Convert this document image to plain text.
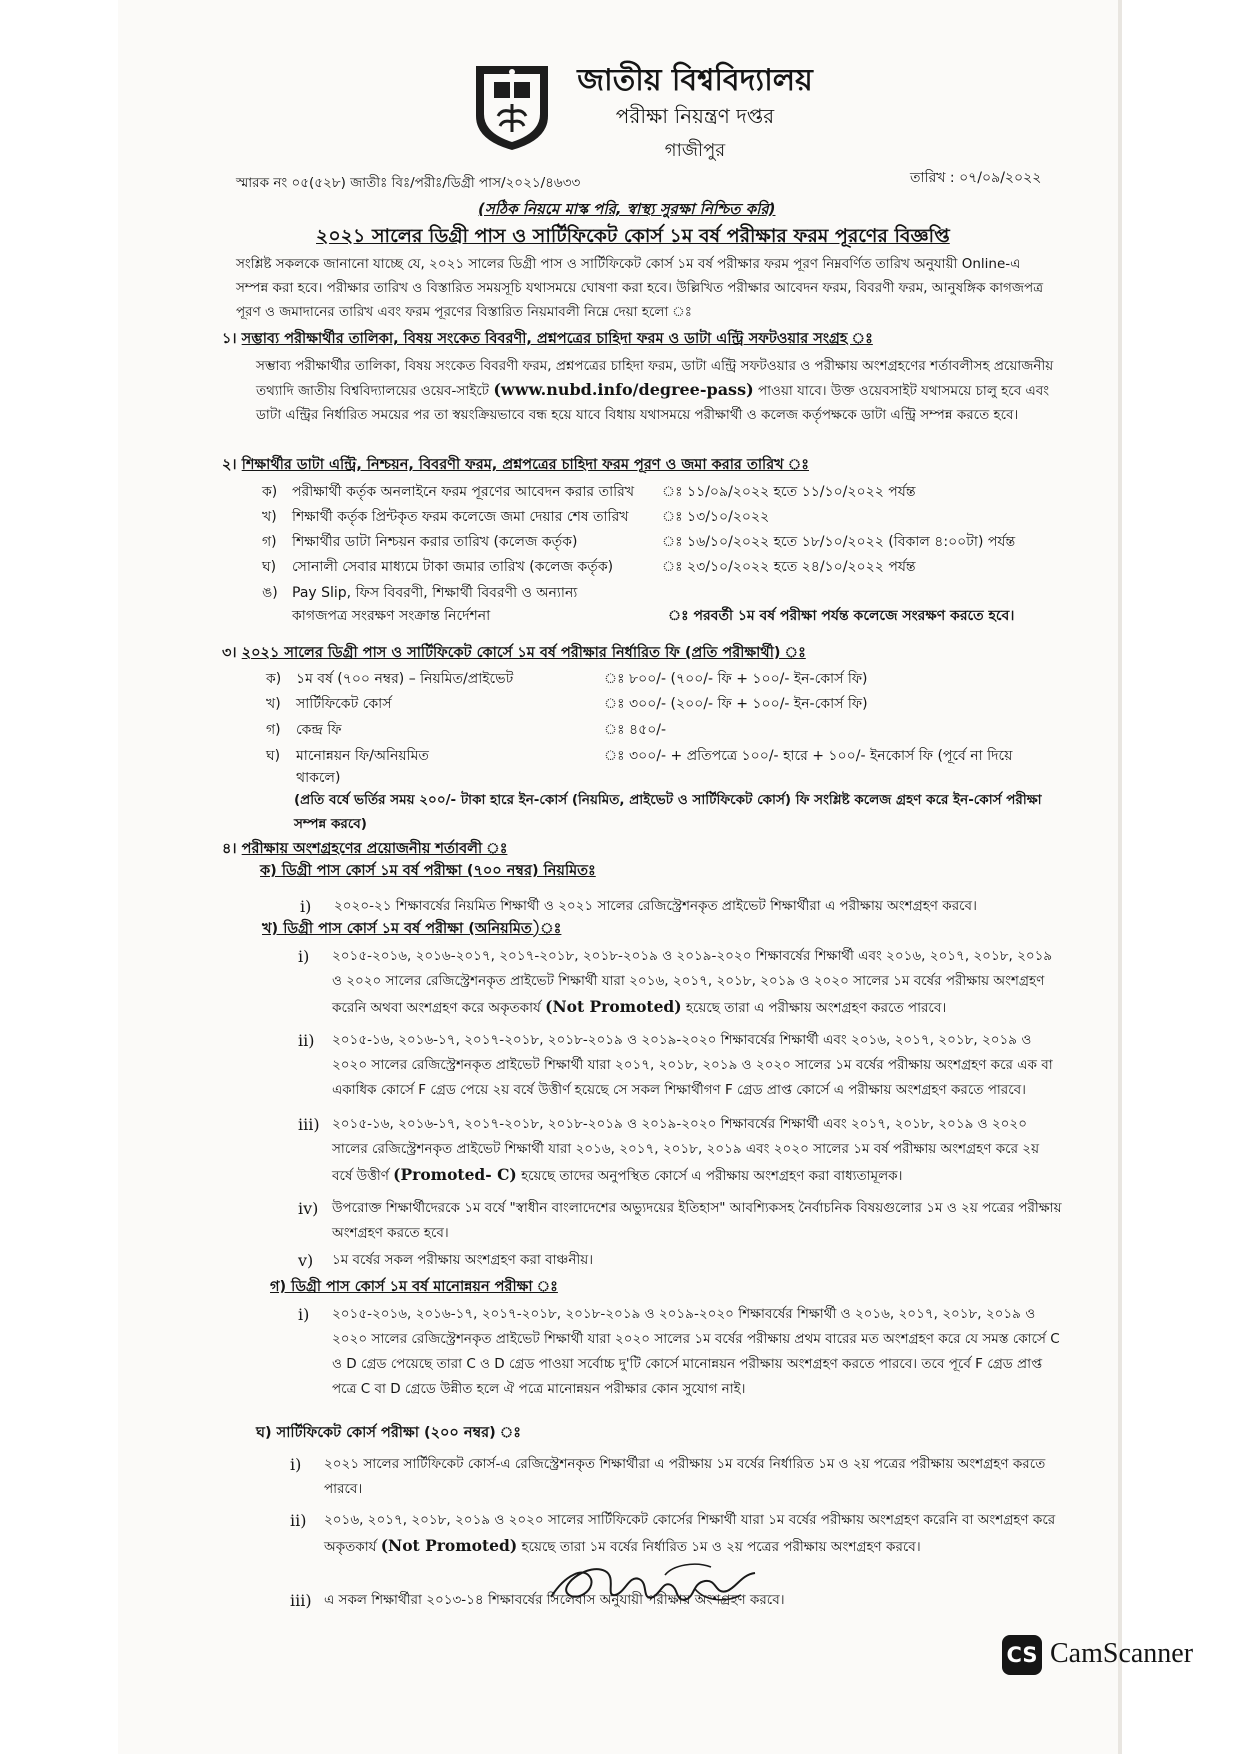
জাতীয় বিশ্ববিদ্যালয়
পরীক্ষা নিয়ন্ত্রণ দপ্তর
গাজীপুর
স্মারক নং ০৫(৫২৮) জাতীঃ বিঃ/পরীঃ/ডিগ্রী পাস/২০২১/৪৬৩৩	তারিখ : ০৭/০৯/২০২২
(সঠিক নিয়মে মাস্ক পরি, স্বাস্থ্য সুরক্ষা নিশ্চিত করি)
২০২১ সালের ডিগ্রী পাস ও সার্টিফিকেট কোর্স ১ম বর্ষ পরীক্ষার ফরম পূরণের বিজ্ঞপ্তি
সংশ্লিষ্ট সকলকে জানানো যাচ্ছে যে, ২০২১ সালের ডিগ্রী পাস ও সার্টিফিকেট কোর্স ১ম বর্ষ পরীক্ষার ফরম পূরণ নিম্নবর্ণিত তারিখ অনুযায়ী Online-এ সম্পন্ন করা হবে। পরীক্ষার তারিখ ও বিস্তারিত সময়সূচি যথাসময়ে ঘোষণা করা হবে। উল্লিখিত পরীক্ষার আবেদন ফরম, বিবরণী ফরম, আনুষঙ্গিক কাগজপত্র পূরণ ও জমাদানের তারিখ এবং ফরম পূরণের বিস্তারিত নিয়মাবলী নিম্নে দেয়া হলো ঃ
১। সম্ভাব্য পরীক্ষার্থীর তালিকা, বিষয় সংকেত বিবরণী, প্রশ্নপত্রের চাহিদা ফরম ও ডাটা এন্ট্রি সফটওয়ার সংগ্রহ ঃ
সম্ভাব্য পরীক্ষার্থীর তালিকা, বিষয় সংকেত বিবরণী ফরম, প্রশ্নপত্রের চাহিদা ফরম, ডাটা এন্ট্রি সফটওয়ার ও পরীক্ষায় অংশগ্রহণের শর্তাবলীসহ প্রয়োজনীয় তথ্যাদি জাতীয় বিশ্ববিদ্যালয়ের ওয়েব-সাইটে (www.nubd.info/degree-pass) পাওয়া যাবে। উক্ত ওয়েবসাইট যথাসময়ে চালু হবে এবং ডাটা এন্ট্রির নির্ধারিত সময়ের পর তা স্বয়ংক্রিয়ভাবে বন্ধ হয়ে যাবে বিধায় যথাসময়ে পরীক্ষার্থী ও কলেজ কর্তৃপক্ষকে ডাটা এন্ট্রি সম্পন্ন করতে হবে।
২। শিক্ষার্থীর ডাটা এন্ট্রি, নিশ্চয়ন, বিবরণী ফরম, প্রশ্নপত্রের চাহিদা ফরম পূরণ ও জমা করার তারিখ ঃ
ক) পরীক্ষার্থী কর্তৃক অনলাইনে ফরম পূরণের আবেদন করার তারিখ ঃ ১১/০৯/২০২২ হতে ১১/১০/২০২২ পর্যন্ত
খ) শিক্ষার্থী কর্তৃক প্রিন্টকৃত ফরম কলেজে জমা দেয়ার শেষ তারিখ ঃ ১৩/১০/২০২২
গ) শিক্ষার্থীর ডাটা নিশ্চয়ন করার তারিখ (কলেজ কর্তৃক)	ঃ ১৬/১০/২০২২ হতে ১৮/১০/২০২২ (বিকাল ৪:০০টা) পর্যন্ত
ঘ) সোনালী সেবার মাধ্যমে টাকা জমার তারিখ (কলেজ কর্তৃক)	ঃ ২৩/১০/২০২২ হতে ২৪/১০/২০২২ পর্যন্ত
ঙ) Pay Slip, ফিস বিবরণী, শিক্ষার্থী বিবরণী ও অন্যান্য
কাগজপত্র সংরক্ষণ সংক্রান্ত নির্দেশনা	ঃ পরবর্তী ১ম বর্ষ পরীক্ষা পর্যন্ত কলেজে সংরক্ষণ করতে হবে।
৩। ২০২১ সালের ডিগ্রী পাস ও সার্টিফিকেট কোর্সে ১ম বর্ষ পরীক্ষার নির্ধারিত ফি (প্রতি পরীক্ষার্থী) ঃ
ক) ১ম বর্ষ (৭০০ নম্বর) – নিয়মিত/প্রাইভেট	ঃ ৮০০/- (৭০০/- ফি + ১০০/- ইন-কোর্স ফি)
খ) সার্টিফিকেট কোর্স	ঃ ৩০০/- (২০০/- ফি + ১০০/- ইন-কোর্স ফি)
গ) কেন্দ্র ফি	ঃ ৪৫০/-
ঘ) মানোন্নয়ন ফি/অনিয়মিত	ঃ ৩০০/- + প্রতিপত্রে ১০০/- হারে + ১০০/- ইনকোর্স ফি (পূর্বে না দিয়ে
থাকলে)
(প্রতি বর্ষে ভর্তির সময় ২০০/- টাকা হারে ইন-কোর্স (নিয়মিত, প্রাইভেট ও সার্টিফিকেট কোর্স) ফি সংশ্লিষ্ট কলেজ গ্রহণ করে ইন-কোর্স পরীক্ষা সম্পন্ন করবে)
৪। পরীক্ষায় অংশগ্রহণের প্রয়োজনীয় শর্তাবলী ঃ
ক) ডিগ্রী পাস কোর্স ১ম বর্ষ পরীক্ষা (৭০০ নম্বর) নিয়মিতঃ
i) ২০২০-২১ শিক্ষাবর্ষের নিয়মিত শিক্ষার্থী ও ২০২১ সালের রেজিস্ট্রেশনকৃত প্রাইভেট শিক্ষার্থীরা এ পরীক্ষায় অংশগ্রহণ করবে।
খ) ডিগ্রী পাস কোর্স ১ম বর্ষ পরীক্ষা (অনিয়মিত)ঃ
i) ২০১৫-২০১৬, ২০১৬-২০১৭, ২০১৭-২০১৮, ২০১৮-২০১৯ ও ২০১৯-২০২০ শিক্ষাবর্ষের শিক্ষার্থী এবং ২০১৬, ২০১৭, ২০১৮, ২০১৯ ও ২০২০ সালের রেজিস্ট্রেশনকৃত প্রাইভেট শিক্ষার্থী যারা ২০১৬, ২০১৭, ২০১৮, ২০১৯ ও ২০২০ সালের ১ম বর্ষের পরীক্ষায় অংশগ্রহণ করেনি অথবা অংশগ্রহণ করে অকৃতকার্য (Not Promoted) হয়েছে তারা এ পরীক্ষায় অংশগ্রহণ করতে পারবে।
ii) ২০১৫-১৬, ২০১৬-১৭, ২০১৭-২০১৮, ২০১৮-২০১৯ ও ২০১৯-২০২০ শিক্ষাবর্ষের শিক্ষার্থী এবং ২০১৬, ২০১৭, ২০১৮, ২০১৯ ও ২০২০ সালের রেজিস্ট্রেশনকৃত প্রাইভেট শিক্ষার্থী যারা ২০১৭, ২০১৮, ২০১৯ ও ২০২০ সালের ১ম বর্ষের পরীক্ষায় অংশগ্রহণ করে এক বা একাধিক কোর্সে F গ্রেড পেয়ে ২য় বর্ষে উত্তীর্ণ হয়েছে সে সকল শিক্ষার্থীগণ F গ্রেড প্রাপ্ত কোর্সে এ পরীক্ষায় অংশগ্রহণ করতে পারবে।
iii) ২০১৫-১৬, ২০১৬-১৭, ২০১৭-২০১৮, ২০১৮-২০১৯ ও ২০১৯-২০২০ শিক্ষাবর্ষের শিক্ষার্থী এবং ২০১৭, ২০১৮, ২০১৯ ও ২০২০ সালের রেজিস্ট্রেশনকৃত প্রাইভেট শিক্ষার্থী যারা ২০১৬, ২০১৭, ২০১৮, ২০১৯ এবং ২০২০ সালের ১ম বর্ষ পরীক্ষায় অংশগ্রহণ করে ২য় বর্ষে উত্তীর্ণ (Promoted- C) হয়েছে তাদের অনুপস্থিত কোর্সে এ পরীক্ষায় অংশগ্রহণ করা বাধ্যতামূলক।
iv) উপরোক্ত শিক্ষার্থীদেরকে ১ম বর্ষে "স্বাধীন বাংলাদেশের অভ্যুদয়ের ইতিহাস" আবশ্যিকসহ নৈর্বাচনিক বিষয়গুলোর ১ম ও ২য় পত্রের পরীক্ষায় অংশগ্রহণ করতে হবে।
v) ১ম বর্ষের সকল পরীক্ষায় অংশগ্রহণ করা বাঞ্চনীয়।
গ) ডিগ্রী পাস কোর্স ১ম বর্ষ মানোন্নয়ন পরীক্ষা ঃ
i) ২০১৫-২০১৬, ২০১৬-১৭, ২০১৭-২০১৮, ২০১৮-২০১৯ ও ২০১৯-২০২০ শিক্ষাবর্ষের শিক্ষার্থী ও ২০১৬, ২০১৭, ২০১৮, ২০১৯ ও ২০২০ সালের রেজিস্ট্রেশনকৃত প্রাইভেট শিক্ষার্থী যারা ২০২০ সালের ১ম বর্ষের পরীক্ষায় প্রথম বারের মত অংশগ্রহণ করে যে সমস্ত কোর্সে C ও D গ্রেড পেয়েছে তারা C ও D গ্রেড পাওয়া সর্বোচ্চ দু'টি কোর্সে মানোন্নয়ন পরীক্ষায় অংশগ্রহণ করতে পারবে। তবে পূর্বে F গ্রেড প্রাপ্ত পত্রে C বা D গ্রেডে উন্নীত হলে ঐ পত্রে মানোন্নয়ন পরীক্ষার কোন সুযোগ নাই।
ঘ) সার্টিফিকেট কোর্স পরীক্ষা (২০০ নম্বর) ঃ
i) ২০২১ সালের সার্টিফিকেট কোর্স-এ রেজিস্ট্রেশনকৃত শিক্ষার্থীরা এ পরীক্ষায় ১ম বর্ষের নির্ধারিত ১ম ও ২য় পত্রের পরীক্ষায় অংশগ্রহণ করতে পারবে।
ii) ২০১৬, ২০১৭, ২০১৮, ২০১৯ ও ২০২০ সালের সার্টিফিকেট কোর্সের শিক্ষার্থী যারা ১ম বর্ষের পরীক্ষায় অংশগ্রহণ করেনি বা অংশগ্রহণ করে অকৃতকার্য (Not Promoted) হয়েছে তারা ১ম বর্ষের নির্ধারিত ১ম ও ২য় পত্রের পরীক্ষায় অংশগ্রহণ করবে।
iii) এ সকল শিক্ষার্থীরা ২০১৩-১৪ শিক্ষাবর্ষের সিলেবাস অনুযায়ী পরীক্ষায় অংশগ্রহণ করবে।
CS CamScanner
